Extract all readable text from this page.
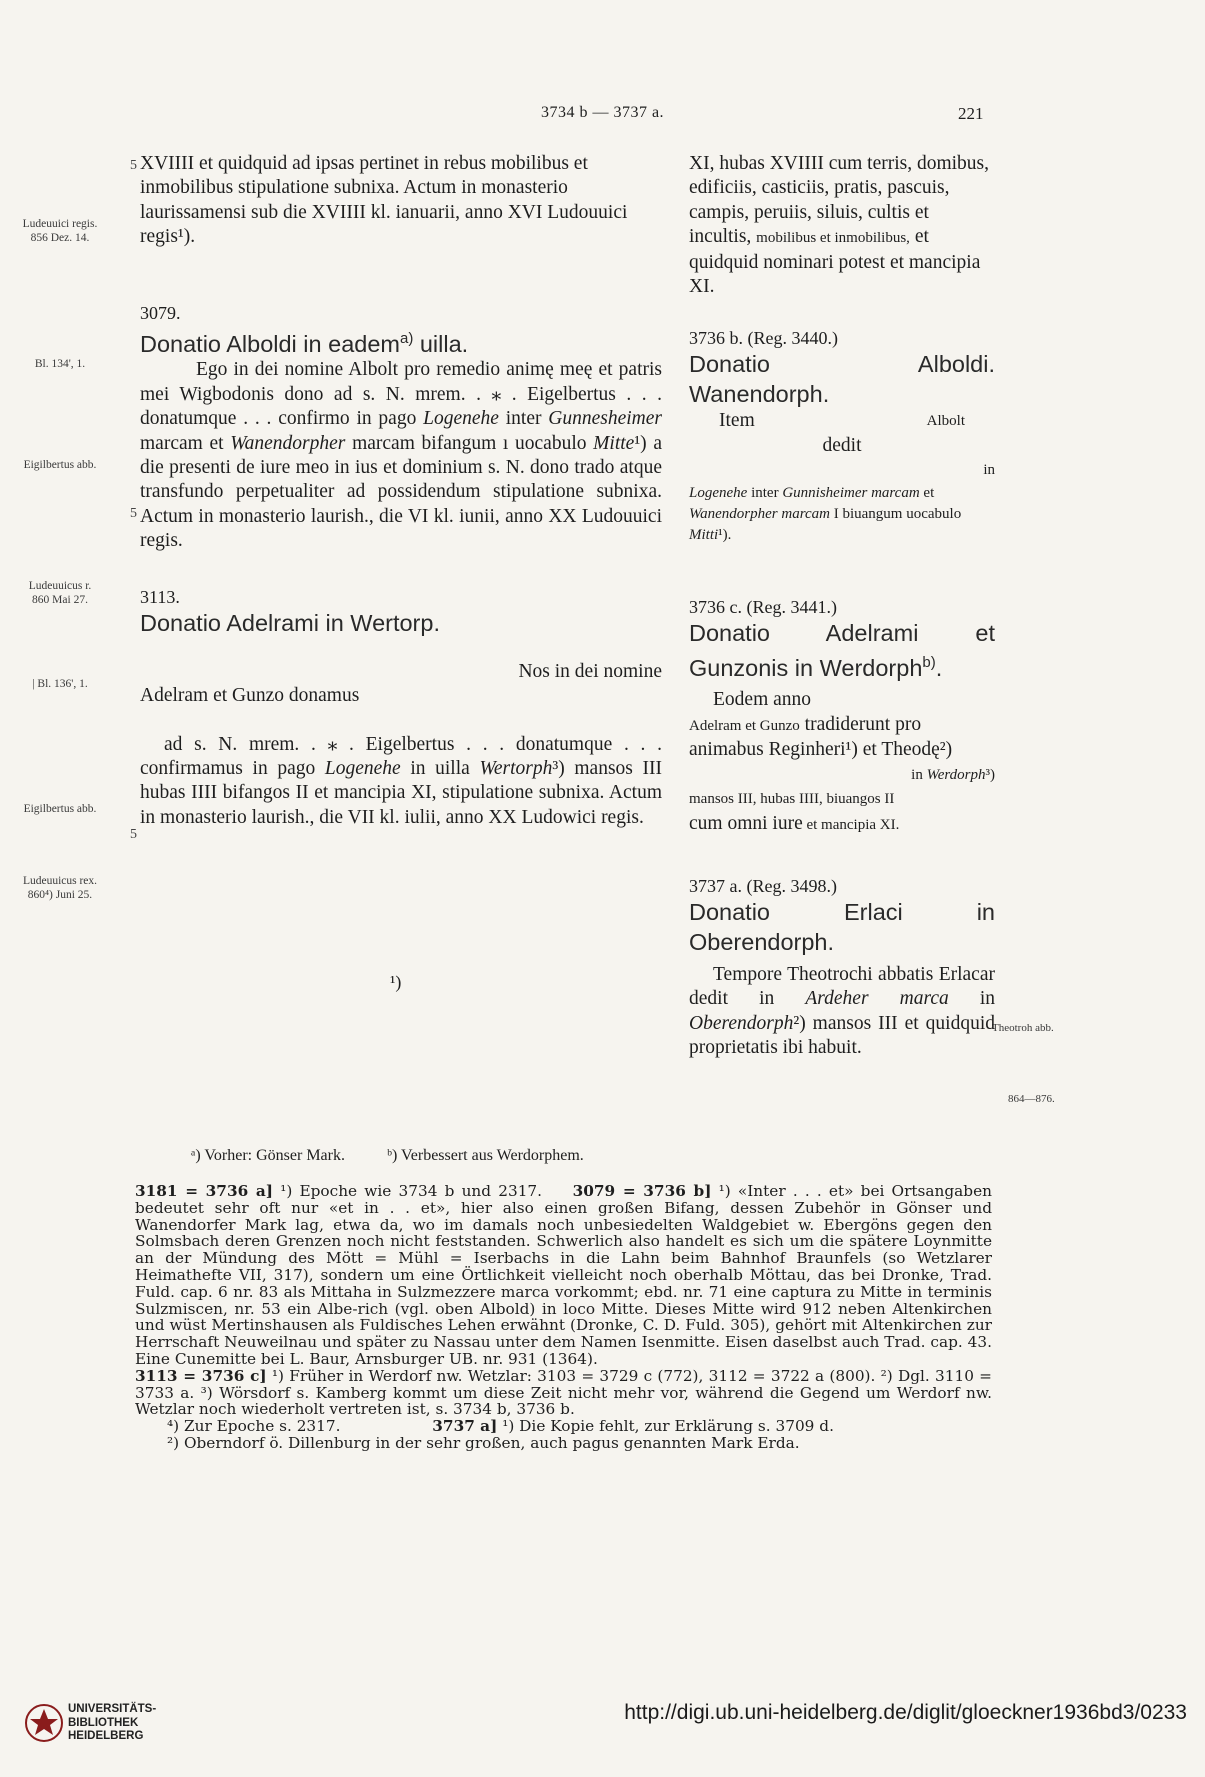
3734 b — 3737 a.	221
Ludeuuici regis.
856 Dez. 14.
Bl. 134', 1.
Eigilbertus abb.
Ludeuuicus r.
860 Mai 27.
| Bl. 136', 1.
Eigilbertus abb.
Ludeuuicus rex.
860⁴) Juni 25.
Theotroh abb.
864—876.
5
5
5

XVIIII et quidquid ad ipsas pertinet in rebus mobilibus et inmobilibus stipulatione subnixa. Actum in monasterio laurissamensi sub die XVIIII kl. ianuarii, anno XVI Ludouuici regis¹).

3079.

Donatio Alboldi in eadem$^{a)}$ uilla.

Ego in dei nomine Albolt pro remedio animę meę et patris mei Wigbodonis dono ad s. N. mrem. . ⁎ . Eigelbertus . . . donatumque . . . confirmo in pago Logenehe inter Gunnesheimer marcam et Wanendorpher marcam bifangum ı uocabulo Mitte¹) a die presenti de iure meo in ius et dominium s. N. dono trado atque transfundo perpetualiter ad possidendum stipulatione subnixa. Actum in monasterio laurish., die VI kl. iunii, anno XX Ludouuici regis.

3113.

Donatio Adelrami in Wertorp.

Nos in dei nomine

Adelram et Gunzo donamus

ad s. N. mrem. . ⁎ . Eigelbertus . . . donatumque . . . confirmamus in pago Logenehe in uilla Wertorph³) mansos III hubas IIII bifangos II et mancipia XI, stipulatione subnixa. Actum in monasterio laurish., die VII kl. iulii, anno XX Ludowici regis.

¹)

XI, hubas XVIIII cum terris, domibus, edificiis, casticiis, pratis, pascuis, campis, peruiis, siluis, cultis et incultis, mobilibus et inmobilibus, et quidquid nominari potest et mancipia XI.

3736 b. (Reg. 3440.)

Donatio Alboldi. Wanendorph.

Item	Albolt

dedit

in

Logenehe inter Gunnisheimer marcam et Wanendorpher marcam I biuangum uocabulo Mitti¹).

3736 c. (Reg. 3441.)

Donatio Adelrami et Gunzonis in Werdorph$^{b)}$.

Eodem anno

Adelram et Gunzo tradiderunt pro animabus Reginheri¹) et Theodę²)

in Werdorph³)

mansos III, hubas IIII, biuangos II

cum omni iure et mancipia XI.

3737 a. (Reg. 3498.)

Donatio Erlaci in Oberendorph.

Tempore Theotrochi abbatis Erlacar dedit in Ardeher marca in Oberendorph²) mansos III et quidquid proprietatis ibi habuit.

ᵃ) Vorher: Gönser Mark.	ᵇ) Verbessert aus Werdorphem.

3181 = 3736 a] ¹) Epoche wie 3734 b und 2317.   3079 = 3736 b] ¹) «Inter . . . et» bei Ortsangaben bedeutet sehr oft nur «et in . . et», hier also einen großen Bifang, dessen Zubehör in Gönser und Wanendorfer Mark lag, etwa da, wo im damals noch unbesiedelten Waldgebiet w. Ebergöns gegen den Solmsbach deren Grenzen noch nicht feststanden. Schwerlich also handelt es sich um die spätere Loynmitte an der Mündung des Mött = Mühl = Iserbachs in die Lahn beim Bahnhof Braunfels (so Wetzlarer Heimathefte VII, 317), sondern um eine Örtlichkeit vielleicht noch oberhalb Möttau, das bei Dronke, Trad. Fuld. cap. 6 nr. 83 als Mittaha in Sulzmezzere marca vorkommt; ebd. nr. 71 eine captura zu Mitte in terminis Sulzmiscen, nr. 53 ein Albe-rich (vgl. oben Albold) in loco Mitte. Dieses Mitte wird 912 neben Altenkirchen und wüst Mertinshausen als Fuldisches Lehen erwähnt (Dronke, C. D. Fuld. 305), gehört mit Altenkirchen zur Herrschaft Neuweilnau und später zu Nassau unter dem Namen Isenmitte. Eisen daselbst auch Trad. cap. 43. Eine Cunemitte bei L. Baur, Arnsburger UB. nr. 931 (1364).

3113 = 3736 c] ¹) Früher in Werdorf nw. Wetzlar: 3103 = 3729 c (772), 3112 = 3722 a (800). ²) Dgl. 3110 = 3733 a. ³) Wörsdorf s. Kamberg kommt um diese Zeit nicht mehr vor, während die Gegend um Werdorf nw. Wetzlar noch wiederholt vertreten ist, s. 3734 b, 3736 b.

⁴) Zur Epoche s. 2317.      	3737 a] ¹) Die Kopie fehlt, zur Erklärung s. 3709 d.

²) Oberndorf ö. Dillenburg in der sehr großen, auch pagus genannten Mark Erda.

UNIVERSITÄTS-
BIBLIOTHEK
HEIDELBERG
http://digi.ub.uni-heidelberg.de/diglit/gloeckner1936bd3/0233
